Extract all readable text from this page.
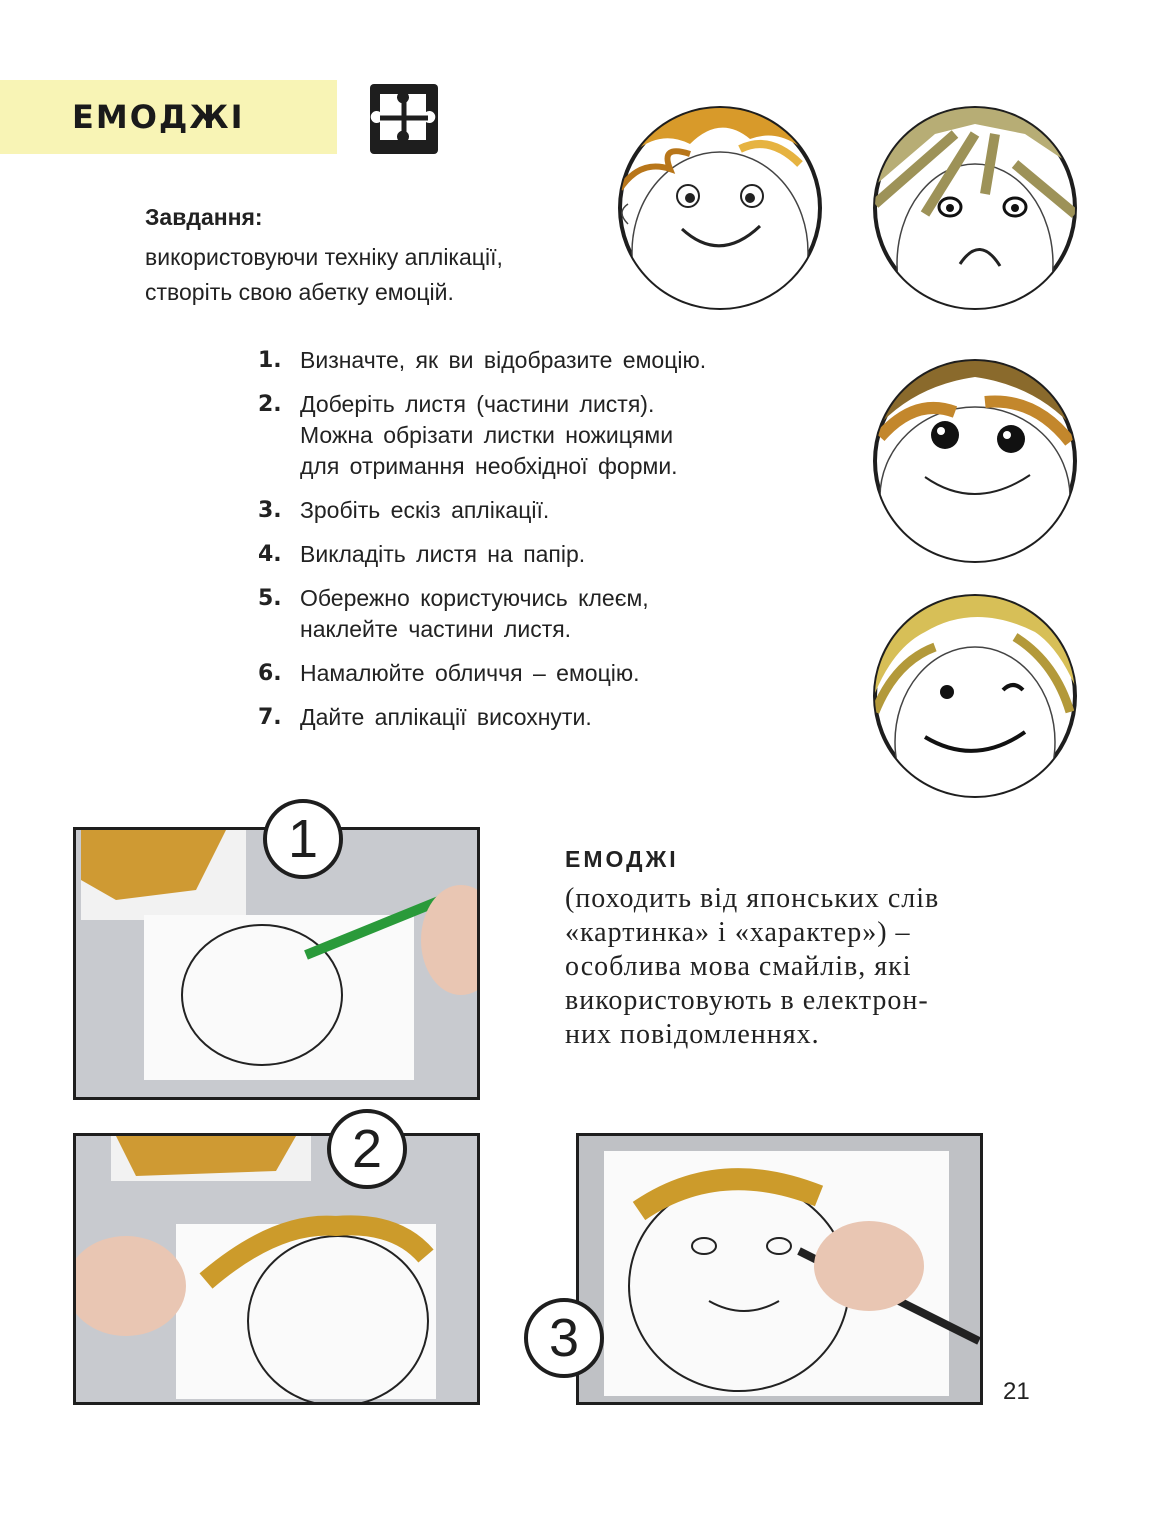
ЕМОДЖІ
Завдання:
використовуючи техніку аплікації,
створіть свою абетку емоцій.
1. Визначте, як ви відобразите емоцію.
2. Доберіть листя (частини листя).
Можна обрізати листки ножицями
для отримання необхідної форми.
3. Зробіть ескіз аплікації.
4. Викладіть листя на папір.
5. Обережно користуючись клеєм,
наклейте частини листя.
6. Намалюйте обличчя – емоцію.
7. Дайте аплікації висохнути.
1
2
3
ЕМОДЖІ
(походить від японських слів
«картинка» і «характер») –
особлива мова смайлів, які
використовують в електрон-
них повідомленнях.
21
